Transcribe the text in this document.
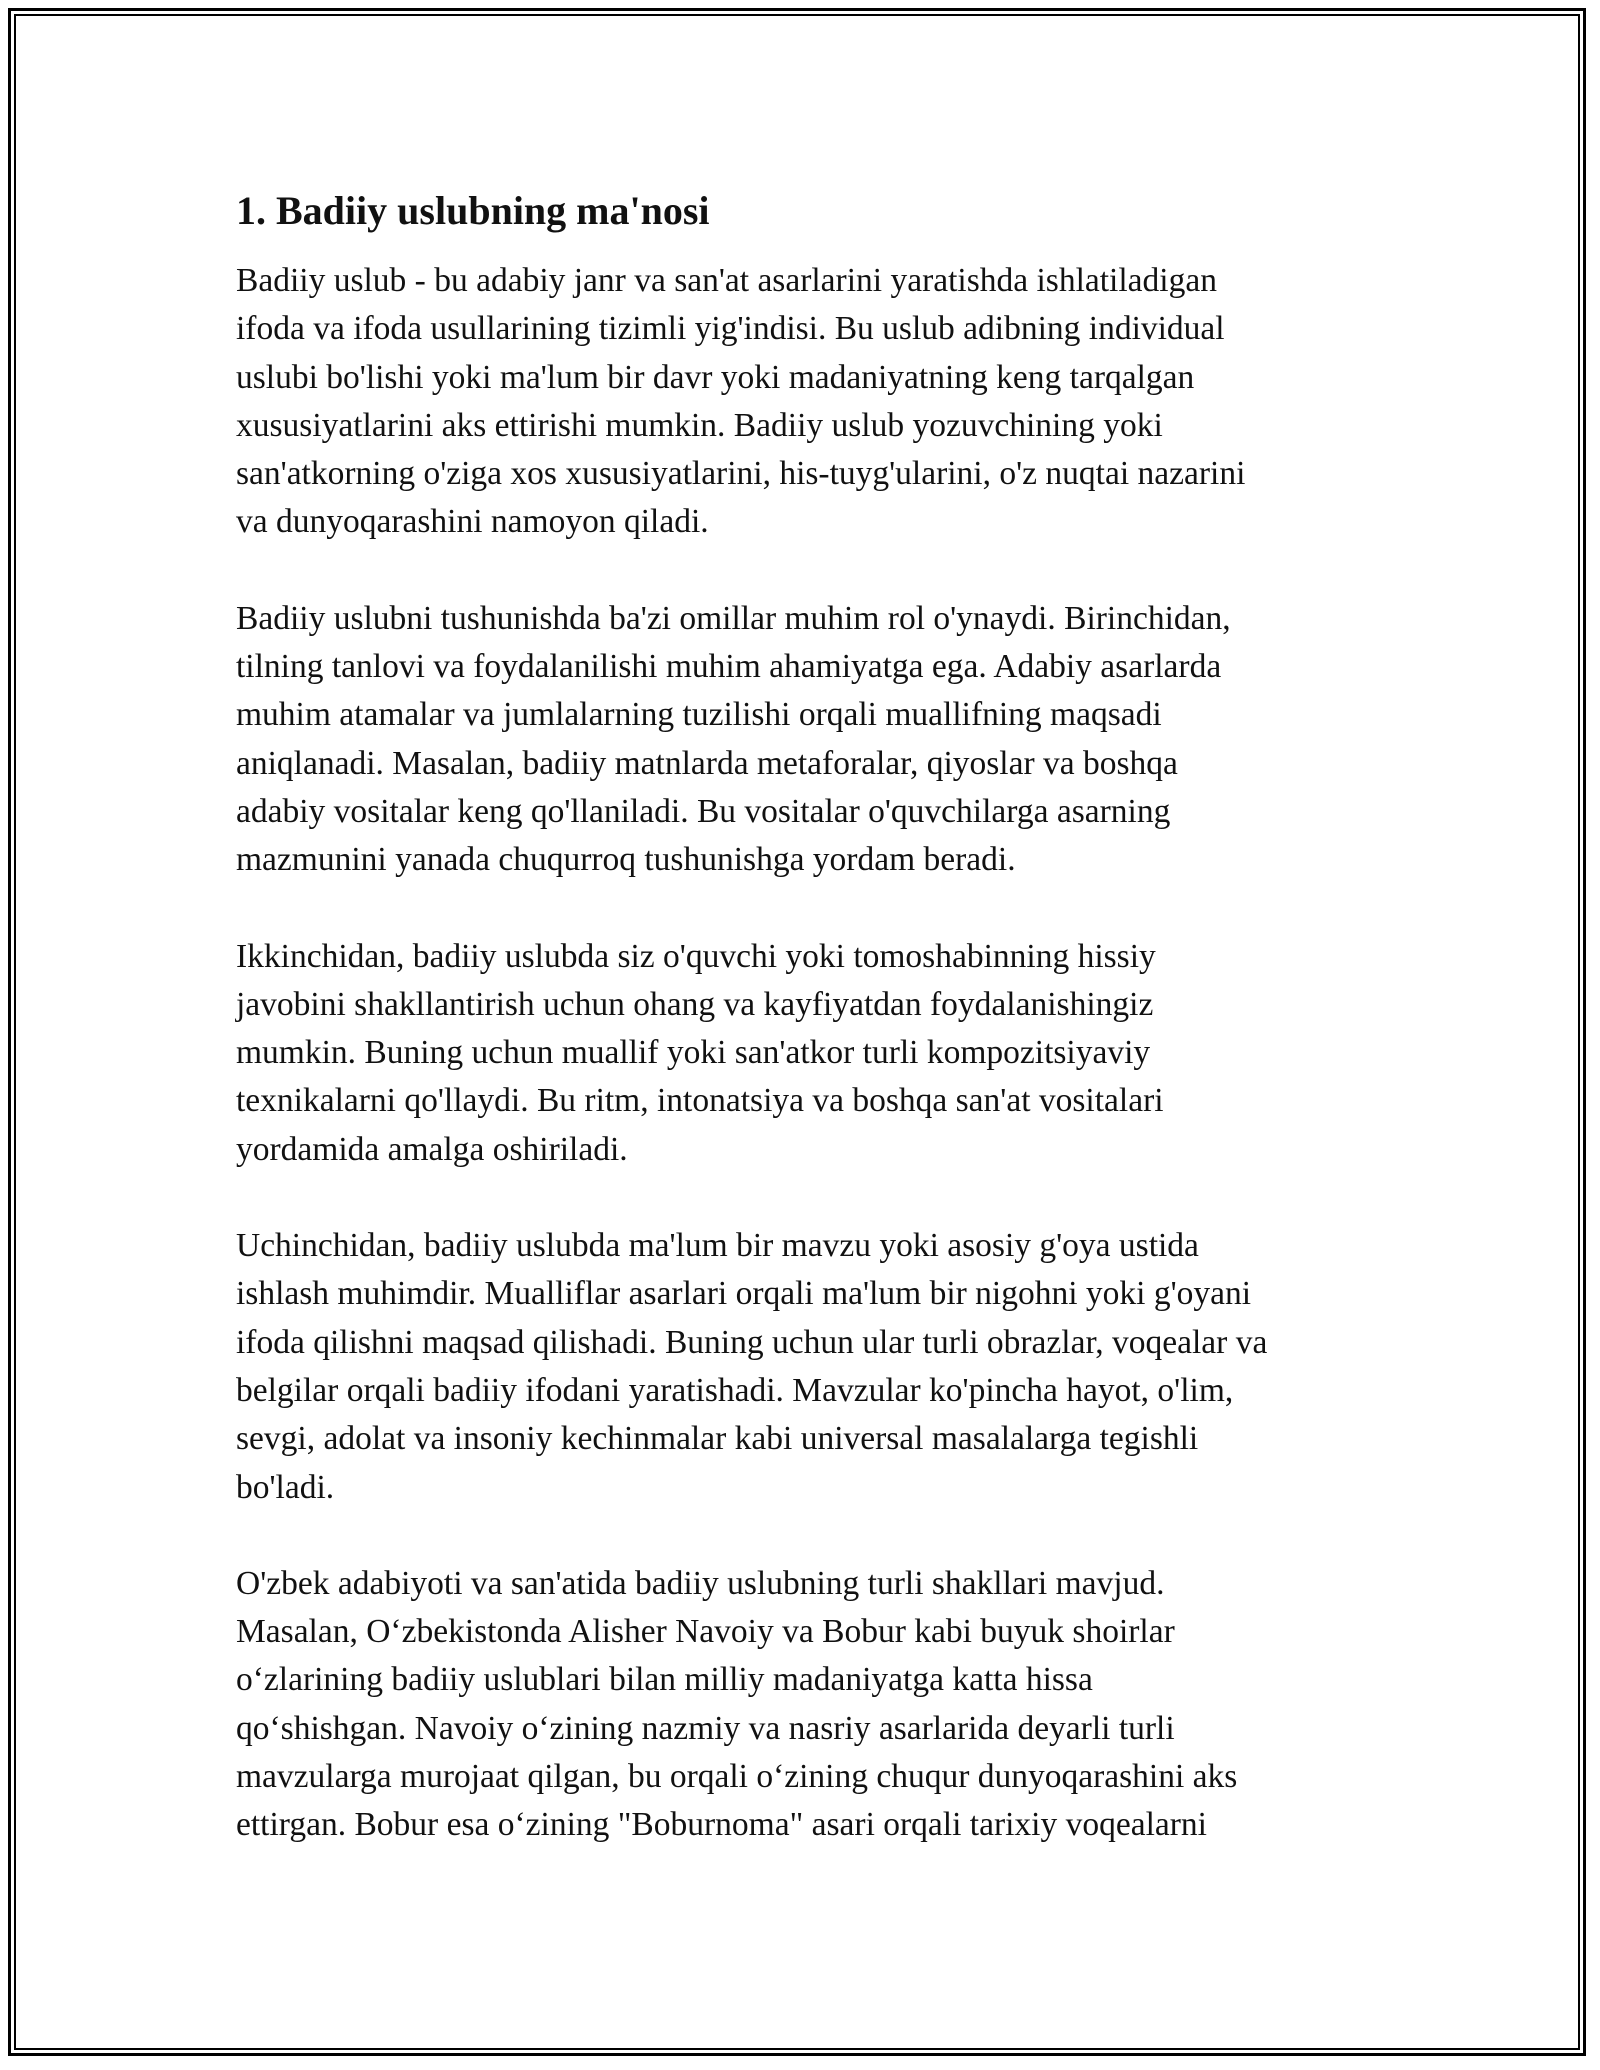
1. Badiiy uslubning ma'nosi
Badiiy uslub - bu adabiy janr va san'at asarlarini yaratishda ishlatiladigan
ifoda va ifoda usullarining tizimli yig'indisi. Bu uslub adibning individual
uslubi bo'lishi yoki ma'lum bir davr yoki madaniyatning keng tarqalgan
xususiyatlarini aks ettirishi mumkin. Badiiy uslub yozuvchining yoki
san'atkorning o'ziga xos xususiyatlarini, his-tuyg'ularini, o'z nuqtai nazarini
va dunyoqarashini namoyon qiladi.
Badiiy uslubni tushunishda ba'zi omillar muhim rol o'ynaydi. Birinchidan,
tilning tanlovi va foydalanilishi muhim ahamiyatga ega. Adabiy asarlarda
muhim atamalar va jumlalarning tuzilishi orqali muallifning maqsadi
aniqlanadi. Masalan, badiiy matnlarda metaforalar, qiyoslar va boshqa
adabiy vositalar keng qo'llaniladi. Bu vositalar o'quvchilarga asarning
mazmunini yanada chuqurroq tushunishga yordam beradi.
Ikkinchidan, badiiy uslubda siz o'quvchi yoki tomoshabinning hissiy
javobini shakllantirish uchun ohang va kayfiyatdan foydalanishingiz
mumkin. Buning uchun muallif yoki san'atkor turli kompozitsiyaviy
texnikalarni qo'llaydi. Bu ritm, intonatsiya va boshqa san'at vositalari
yordamida amalga oshiriladi.
Uchinchidan, badiiy uslubda ma'lum bir mavzu yoki asosiy g'oya ustida
ishlash muhimdir. Mualliflar asarlari orqali ma'lum bir nigohni yoki g'oyani
ifoda qilishni maqsad qilishadi. Buning uchun ular turli obrazlar, voqealar va
belgilar orqali badiiy ifodani yaratishadi. Mavzular ko'pincha hayot, o'lim,
sevgi, adolat va insoniy kechinmalar kabi universal masalalarga tegishli
bo'ladi.
O'zbek adabiyoti va san'atida badiiy uslubning turli shakllari mavjud.
Masalan, O‘zbekistonda Alisher Navoiy va Bobur kabi buyuk shoirlar
o‘zlarining badiiy uslublari bilan milliy madaniyatga katta hissa
qo‘shishgan. Navoiy o‘zining nazmiy va nasriy asarlarida deyarli turli
mavzularga murojaat qilgan, bu orqali o‘zining chuqur dunyoqarashini aks
ettirgan. Bobur esa o‘zining "Boburnoma" asari orqali tarixiy voqealarni
